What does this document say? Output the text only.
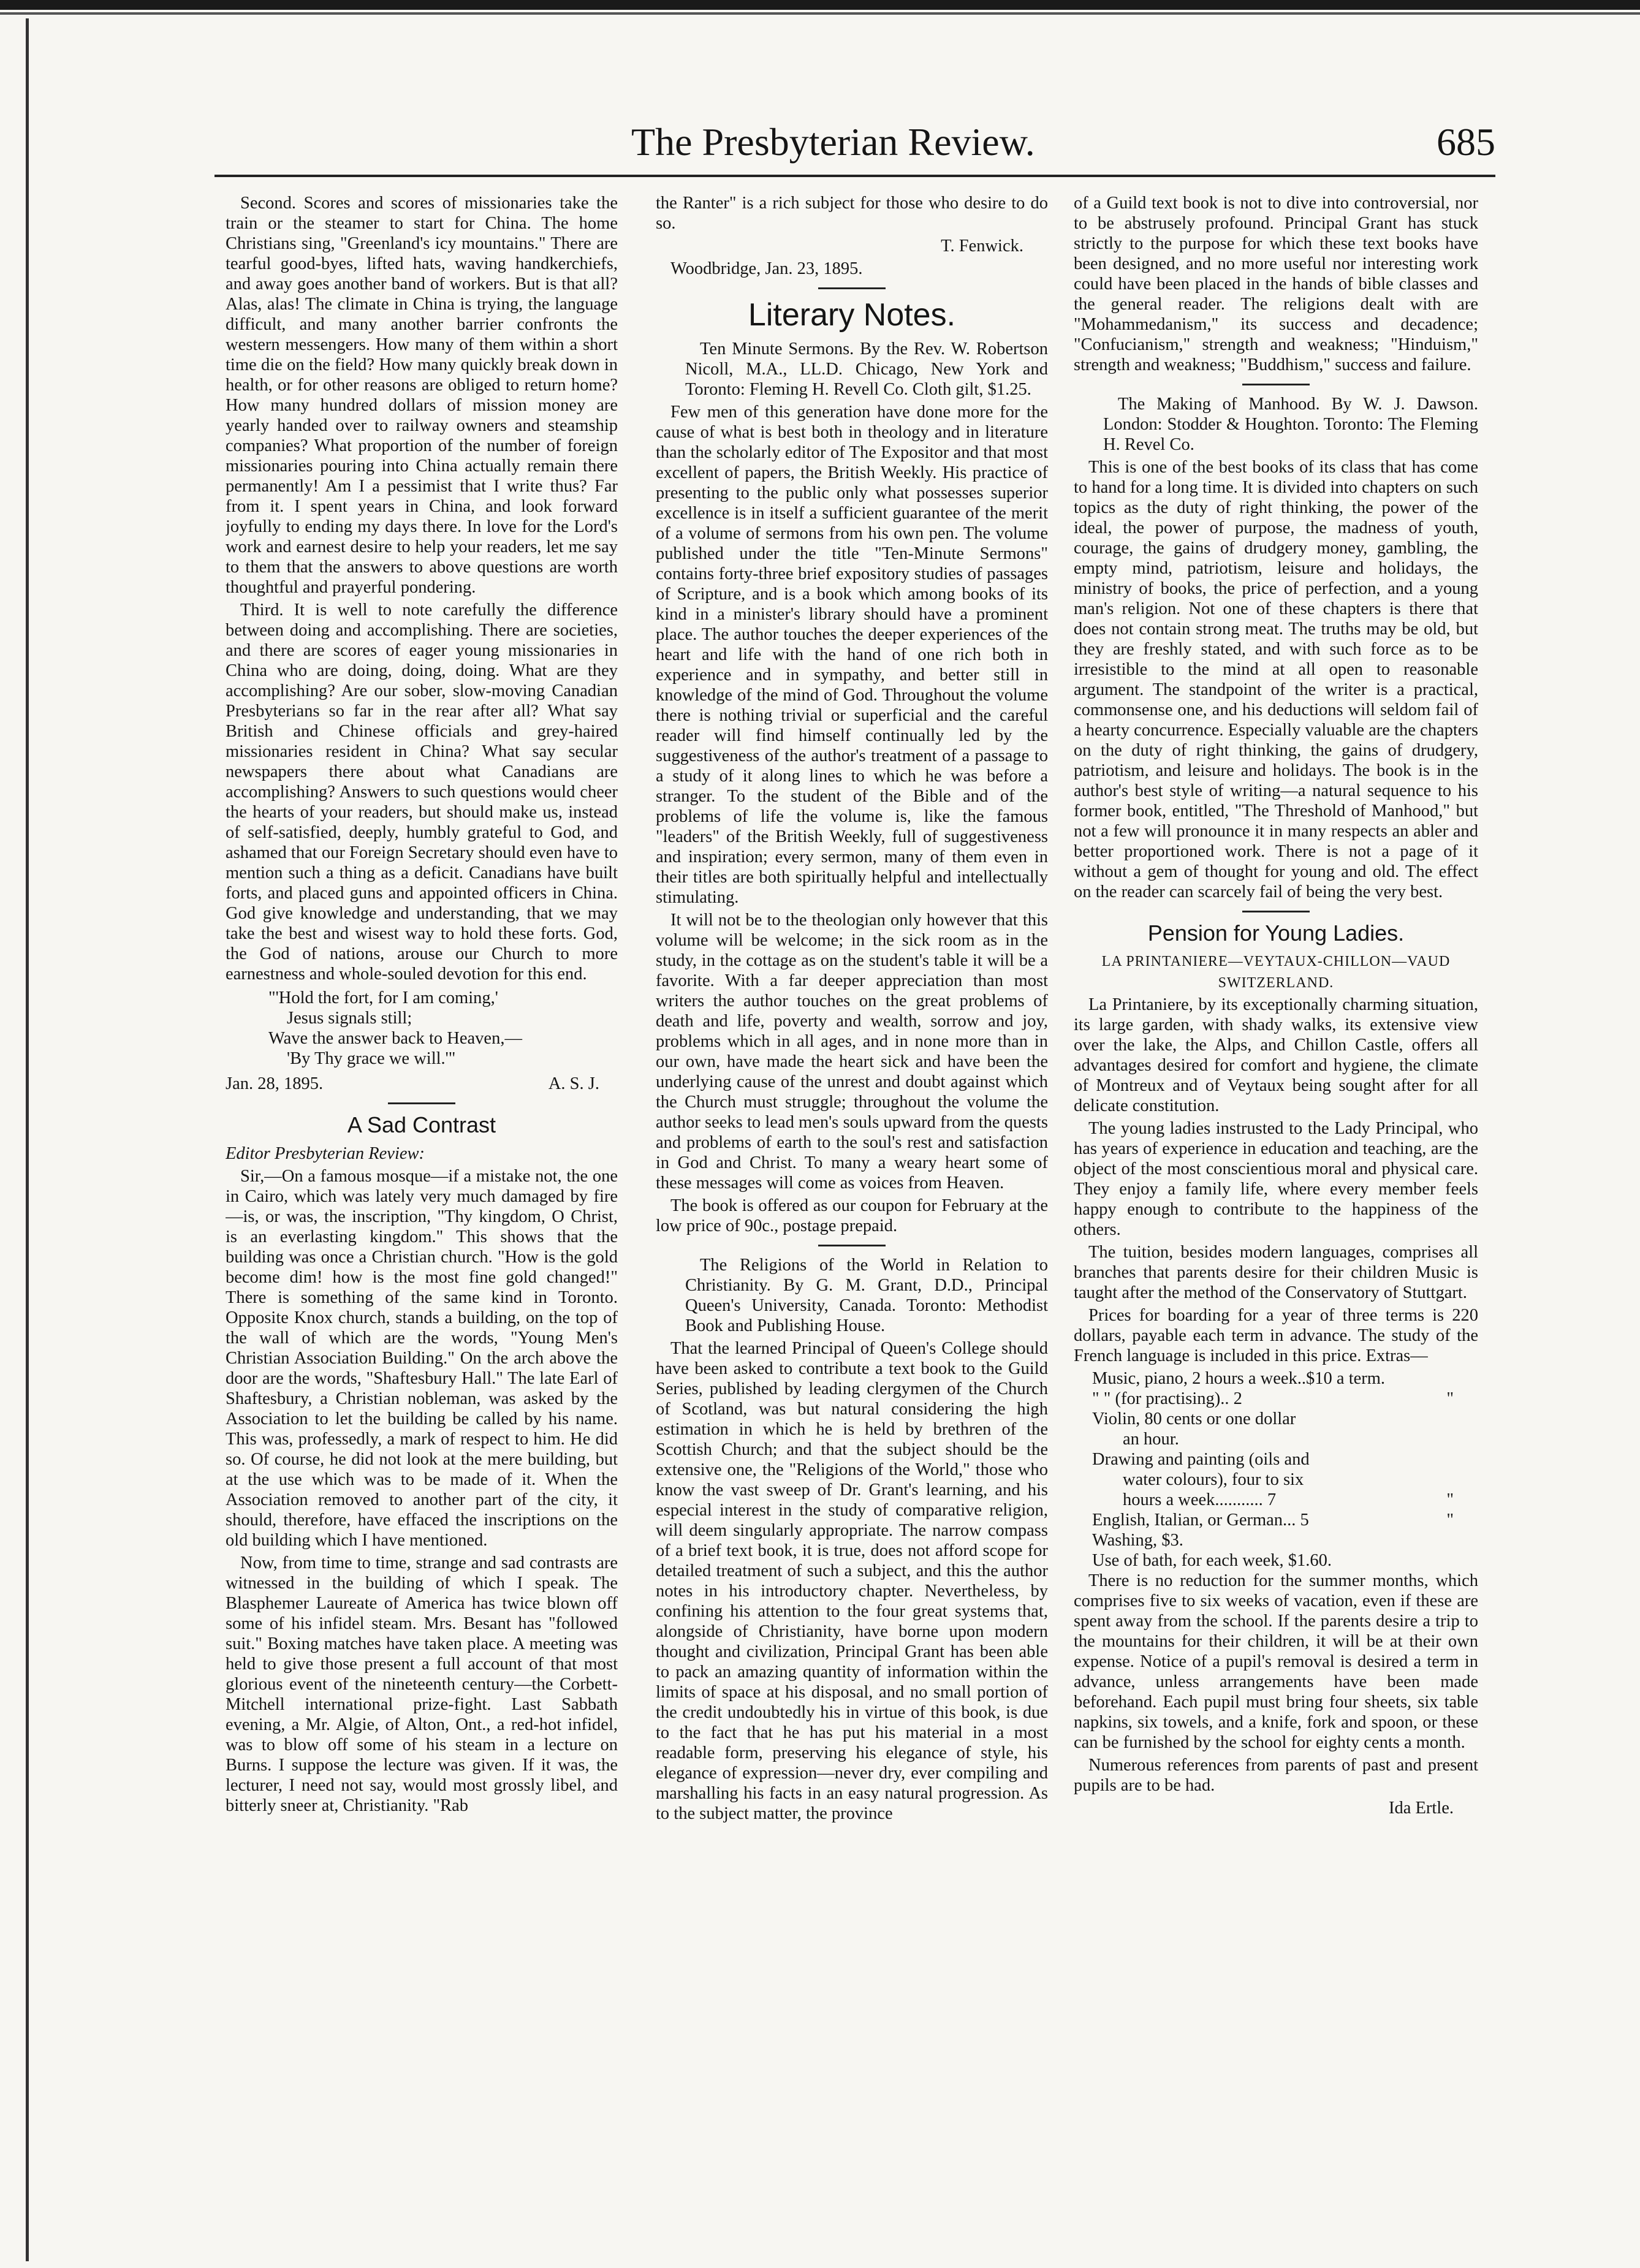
The Presbyterian Review.	685

Second. Scores and scores of missionaries take the train or the steamer to start for China. The home Christians sing, "Greenland's icy mountains." There are tearful good-byes, lifted hats, waving handkerchiefs, and away goes another band of workers. But is that all? Alas, alas! The climate in China is trying, the language difficult, and many another barrier confronts the western messengers. How many of them within a short time die on the field? How many quickly break down in health, or for other reasons are obliged to return home? How many hundred dollars of mission money are yearly handed over to railway owners and steamship companies? What proportion of the number of foreign missionaries pouring into China actually remain there permanently! Am I a pessimist that I write thus? Far from it. I spent years in China, and look forward joyfully to ending my days there. In love for the Lord's work and earnest desire to help your readers, let me say to them that the answers to above questions are worth thoughtful and prayerful pondering.

Third. It is well to note carefully the difference between doing and accomplishing. There are societies, and there are scores of eager young missionaries in China who are doing, doing, doing. What are they accomplishing? Are our sober, slow-moving Canadian Presbyterians so far in the rear after all? What say British and Chinese officials and grey-haired missionaries resident in China? What say secular newspapers there about what Canadians are accomplishing? Answers to such questions would cheer the hearts of your readers, but should make us, instead of self-satisfied, deeply, humbly grateful to God, and ashamed that our Foreign Secretary should even have to mention such a thing as a deficit. Canadians have built forts, and placed guns and appointed officers in China. God give knowledge and understanding, that we may take the best and wisest way to hold these forts. God, the God of nations, arouse our Church to more earnestness and whole-souled devotion for this end.

"'Hold the fort, for I am coming,'
Jesus signals still;
Wave the answer back to Heaven,—
'By Thy grace we will.'"

Jan. 28, 1895.	A. S. J.

A Sad Contrast

Editor Presbyterian Review:

Sir,—On a famous mosque—if a mistake not, the one in Cairo, which was lately very much damaged by fire—is, or was, the inscription, "Thy kingdom, O Christ, is an everlasting kingdom." This shows that the building was once a Christian church. "How is the gold become dim! how is the most fine gold changed!" There is something of the same kind in Toronto. Opposite Knox church, stands a building, on the top of the wall of which are the words, "Young Men's Christian Association Building." On the arch above the door are the words, "Shaftesbury Hall." The late Earl of Shaftesbury, a Christian nobleman, was asked by the Association to let the building be called by his name. This was, professedly, a mark of respect to him. He did so. Of course, he did not look at the mere building, but at the use which was to be made of it. When the Association removed to another part of the city, it should, therefore, have effaced the inscriptions on the old building which I have mentioned.

Now, from time to time, strange and sad contrasts are witnessed in the building of which I speak. The Blasphemer Laureate of America has twice blown off some of his infidel steam. Mrs. Besant has "followed suit." Boxing matches have taken place. A meeting was held to give those present a full account of that most glorious event of the nineteenth century—the Corbett-Mitchell international prize-fight. Last Sabbath evening, a Mr. Algie, of Alton, Ont., a red-hot infidel, was to blow off some of his steam in a lecture on Burns. I suppose the lecture was given. If it was, the lecturer, I need not say, would most grossly libel, and bitterly sneer at, Christianity. "Rab

the Ranter" is a rich subject for those who desire to do so.

T. Fenwick.

Woodbridge, Jan. 23, 1895.

Literary Notes.

Ten Minute Sermons. By the Rev. W. Robertson Nicoll, M.A., LL.D. Chicago, New York and Toronto: Fleming H. Revell Co. Cloth gilt, $1.25.

Few men of this generation have done more for the cause of what is best both in theology and in literature than the scholarly editor of The Expositor and that most excellent of papers, the British Weekly. His practice of presenting to the public only what possesses superior excellence is in itself a sufficient guarantee of the merit of a volume of sermons from his own pen. The volume published under the title "Ten-Minute Sermons" contains forty-three brief expository studies of passages of Scripture, and is a book which among books of its kind in a minister's library should have a prominent place. The author touches the deeper experiences of the heart and life with the hand of one rich both in experience and in sympathy, and better still in knowledge of the mind of God. Throughout the volume there is nothing trivial or superficial and the careful reader will find himself continually led by the suggestiveness of the author's treatment of a passage to a study of it along lines to which he was before a stranger. To the student of the Bible and of the problems of life the volume is, like the famous "leaders" of the British Weekly, full of suggestiveness and inspiration; every sermon, many of them even in their titles are both spiritually helpful and intellectually stimulating.

It will not be to the theologian only however that this volume will be welcome; in the sick room as in the study, in the cottage as on the student's table it will be a favorite. With a far deeper appreciation than most writers the author touches on the great problems of death and life, poverty and wealth, sorrow and joy, problems which in all ages, and in none more than in our own, have made the heart sick and have been the underlying cause of the unrest and doubt against which the Church must struggle; throughout the volume the author seeks to lead men's souls upward from the quests and problems of earth to the soul's rest and satisfaction in God and Christ. To many a weary heart some of these messages will come as voices from Heaven.

The book is offered as our coupon for February at the low price of 90c., postage prepaid.

The Religions of the World in Relation to Christianity. By G. M. Grant, D.D., Principal Queen's University, Canada. Toronto: Methodist Book and Publishing House.

That the learned Principal of Queen's College should have been asked to contribute a text book to the Guild Series, published by leading clergymen of the Church of Scotland, was but natural considering the high estimation in which he is held by brethren of the Scottish Church; and that the subject should be the extensive one, the "Religions of the World," those who know the vast sweep of Dr. Grant's learning, and his especial interest in the study of comparative religion, will deem singularly appropriate. The narrow compass of a brief text book, it is true, does not afford scope for detailed treatment of such a subject, and this the author notes in his introductory chapter. Nevertheless, by confining his attention to the four great systems that, alongside of Christianity, have borne upon modern thought and civilization, Principal Grant has been able to pack an amazing quantity of information within the limits of space at his disposal, and no small portion of the credit undoubtedly his in virtue of this book, is due to the fact that he has put his material in a most readable form, preserving his elegance of style, his elegance of expression—never dry, ever compiling and marshalling his facts in an easy natural progression. As to the subject matter, the province

of a Guild text book is not to dive into controversial, nor to be abstrusely profound. Principal Grant has stuck strictly to the purpose for which these text books have been designed, and no more useful nor interesting work could have been placed in the hands of bible classes and the general reader. The religions dealt with are "Mohammedanism," its success and decadence; "Confucianism," strength and weakness; "Hinduism," strength and weakness; "Buddhism," success and failure.

The Making of Manhood. By W. J. Dawson. London: Stodder & Houghton. Toronto: The Fleming H. Revel Co.

This is one of the best books of its class that has come to hand for a long time. It is divided into chapters on such topics as the duty of right thinking, the power of the ideal, the power of purpose, the madness of youth, courage, the gains of drudgery money, gambling, the empty mind, patriotism, leisure and holidays, the ministry of books, the price of perfection, and a young man's religion. Not one of these chapters is there that does not contain strong meat. The truths may be old, but they are freshly stated, and with such force as to be irresistible to the mind at all open to reasonable argument. The standpoint of the writer is a practical, commonsense one, and his deductions will seldom fail of a hearty concurrence. Especially valuable are the chapters on the duty of right thinking, the gains of drudgery, patriotism, and leisure and holidays. The book is in the author's best style of writing—a natural sequence to his former book, entitled, "The Threshold of Manhood," but not a few will pronounce it in many respects an abler and better proportioned work. There is not a page of it without a gem of thought for young and old. The effect on the reader can scarcely fail of being the very best.

Pension for Young Ladies.
LA PRINTANIERE—VEYTAUX-CHILLON—VAUD
SWITZERLAND.

La Printaniere, by its exceptionally charming situation, its large garden, with shady walks, its extensive view over the lake, the Alps, and Chillon Castle, offers all advantages desired for comfort and hygiene, the climate of Montreux and of Veytaux being sought after for all delicate constitution.

The young ladies instrusted to the Lady Principal, who has years of experience in education and teaching, are the object of the most conscientious moral and physical care. They enjoy a family life, where every member feels happy enough to contribute to the happiness of the others.

The tuition, besides modern languages, comprises all branches that parents desire for their children Music is taught after the method of the Conservatory of Stuttgart.

Prices for boarding for a year of three terms is 220 dollars, payable each term in advance. The study of the French language is included in this price. Extras—

Music, piano, 2 hours a week..$10 a term.
" " (for practising).. 2	"
Violin, 80 cents or one dollar
an hour.
Drawing and painting (oils and
water colours), four to six
hours a week........... 7	"
English, Italian, or German... 5	"
Washing, $3.
Use of bath, for each week, $1.60.

There is no reduction for the summer months, which comprises five to six weeks of vacation, even if these are spent away from the school. If the parents desire a trip to the mountains for their children, it will be at their own expense. Notice of a pupil's removal is desired a term in advance, unless arrangements have been made beforehand. Each pupil must bring four sheets, six table napkins, six towels, and a knife, fork and spoon, or these can be furnished by the school for eighty cents a month.

Numerous references from parents of past and present pupils are to be had.

Ida Ertle.
